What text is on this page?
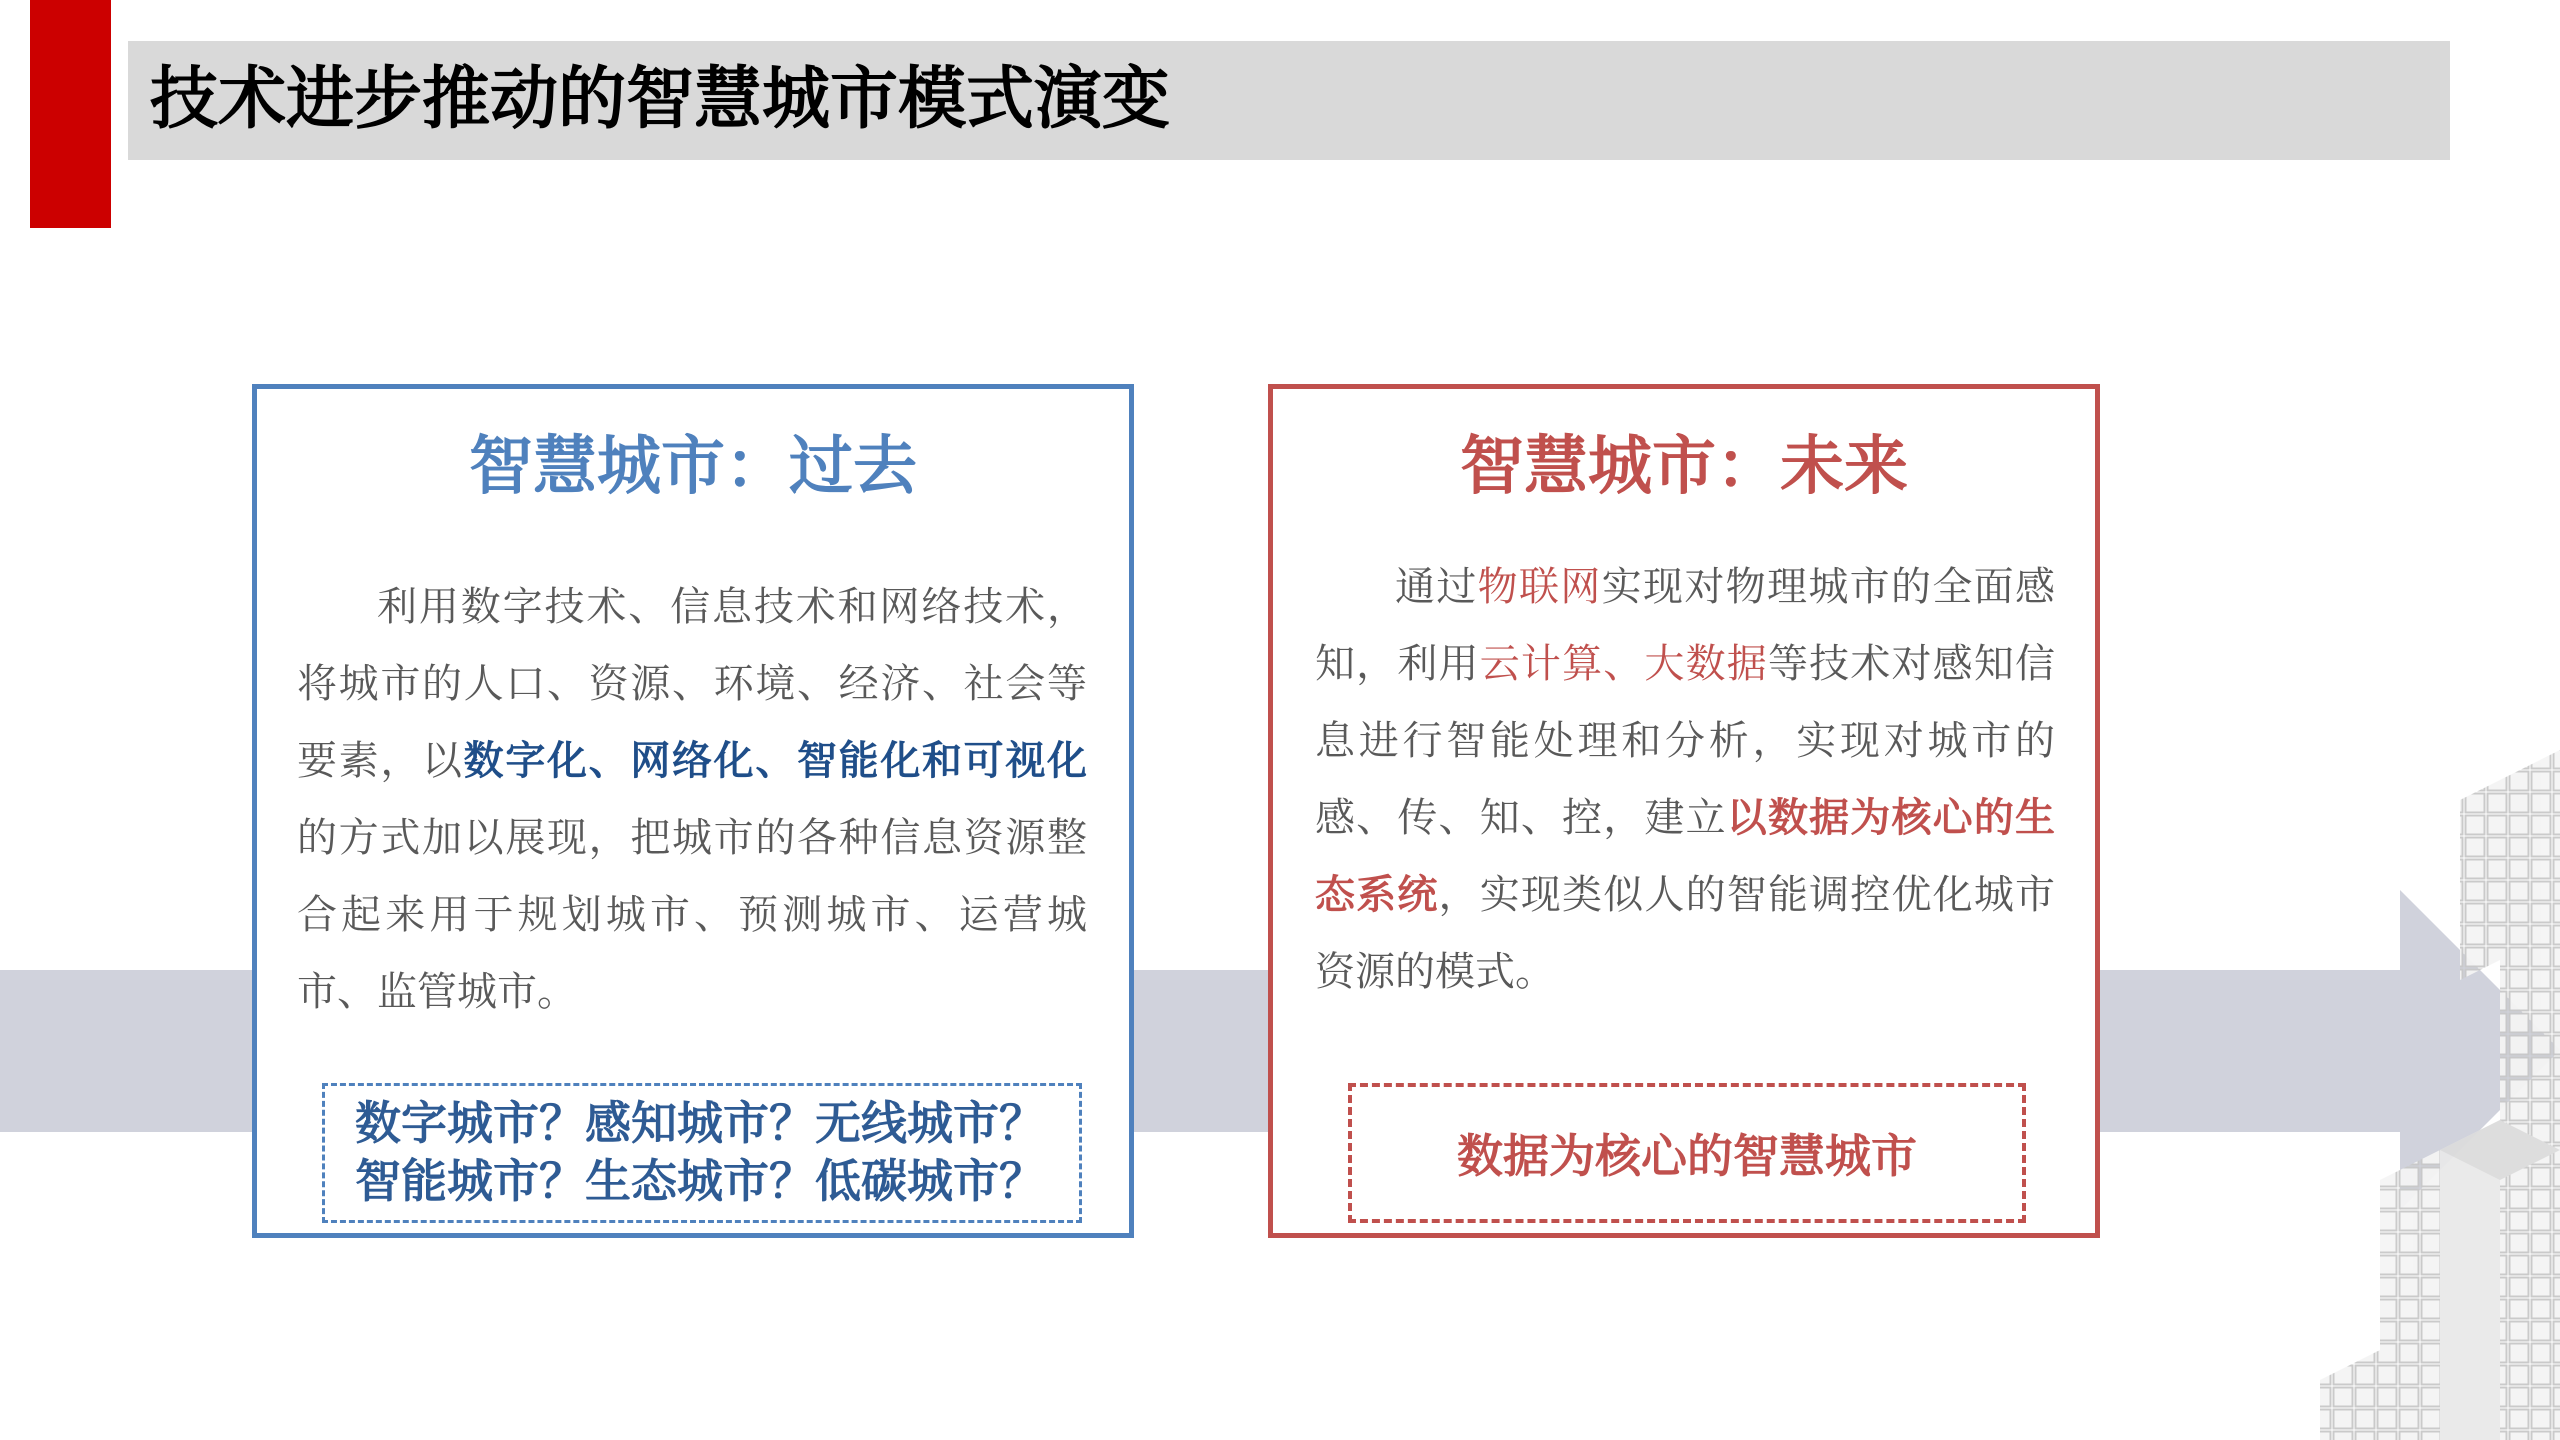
技术进步推动的智慧城市模式演变
智慧城市：过去

利用数字技术、信息技术和网络技术，将城市的人口、资源、环境、经济、社会等要素，以数字化、网络化、智能化和可视化的方式加以展现，把城市的各种信息资源整合起来用于规划城市、预测城市、运营城市、监管城市。

数字城市？感知城市？无线城市？
智能城市？生态城市？低碳城市？
智慧城市：未来

通过物联网实现对物理城市的全面感知，利用云计算、大数据等技术对感知信息进行智能处理和分析，实现对城市的感、传、知、控，建立以数据为核心的生态系统，实现类似人的智能调控优化城市资源的模式。

数据为核心的智慧城市
